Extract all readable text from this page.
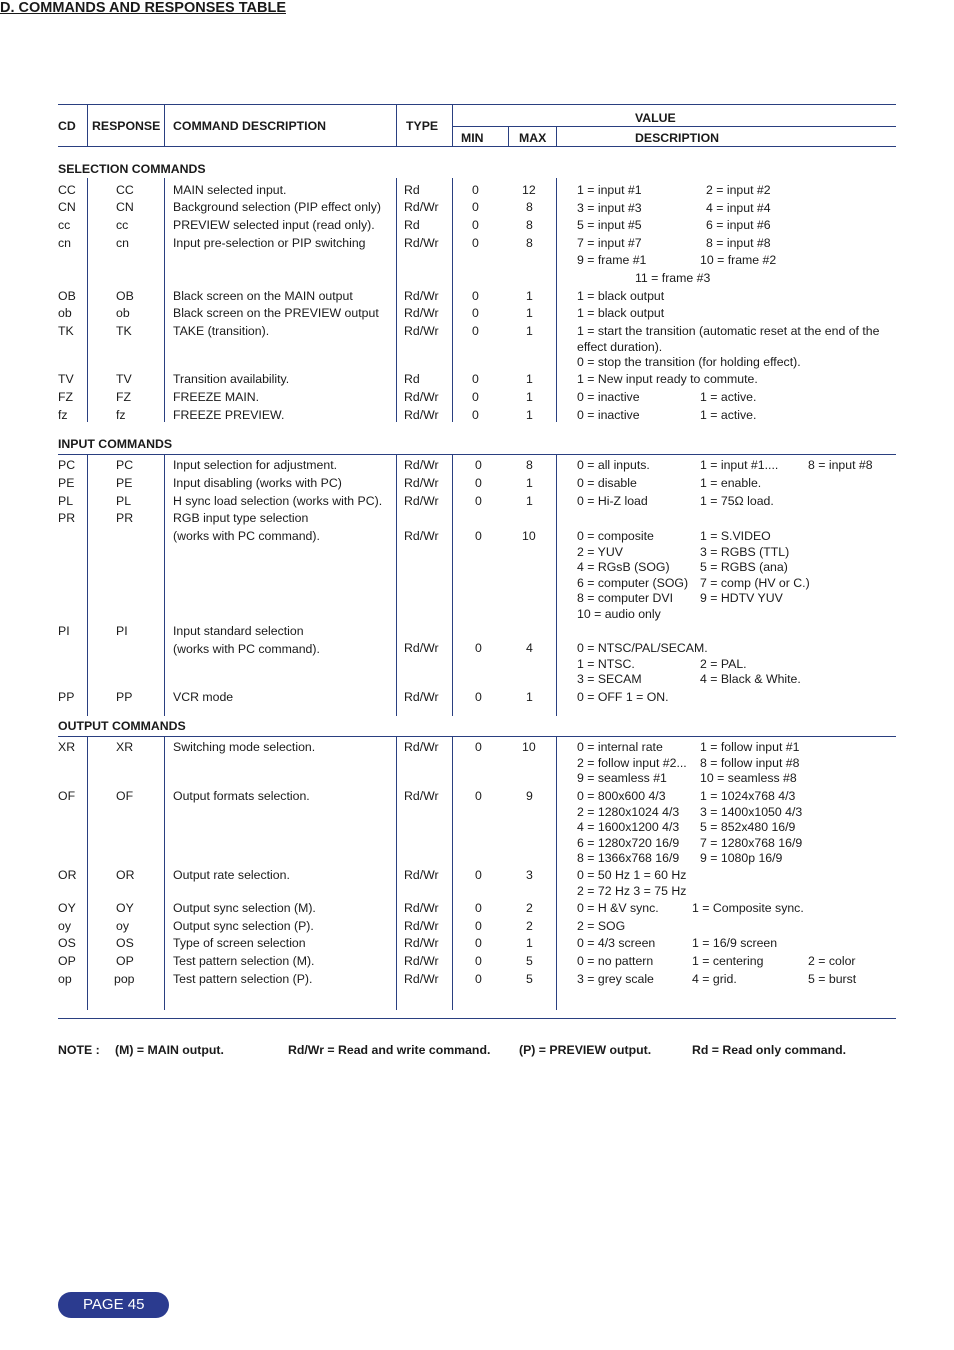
D. COMMANDS AND RESPONSES TABLE
CD RESPONSE COMMAND DESCRIPTION	TYPE
VALUE
MIN	MAX	DESCRIPTION
SELECTION COMMANDS
INPUT COMMANDS
OUTPUT COMMANDS
CC	CC	MAIN selected input.	Rd	0	12	1 = input #1	2 = input #2
3 = input #3	4 = input #4
5 = input #5	6 = input #6
7 = input #7	8 = input #8
9 = frame #1	10 = frame #2
11 = frame #3
CN	CN	Background selection (PIP effect only) Rd/Wr	0	8
cc	cc	PREVIEW selected input (read only). Rd	0	8
cn	cn	Input pre-selection or PIP switching	Rd/Wr	0	8
OB	OB	Black screen on the MAIN output	Rd/Wr	0	1	1 = black output
ob	ob	Black screen on the PREVIEW output Rd/Wr	0	1	1 = black output
TK	TK	TAKE (transition).	Rd/Wr	0	1	1 = start the transition (automatic reset at the end of the
effect duration).
0 = stop the transition (for holding effect).
TV	TV	Transition availability.	Rd	0	1	1 = New input ready to commute.
FZ	FZ	FREEZE MAIN.	Rd/Wr	0	1	0 = inactive	1 = active.
fz	fz	FREEZE PREVIEW.	Rd/Wr	0	1	0 = inactive	1 = active.
PC	PC	Input selection for adjustment.	Rd/Wr	0	8	0 = all inputs.	1 = input #1.... 8 = input #8
PE	PE	Input disabling (works with PC)	Rd/Wr	0	1	0 = disable	1 = enable.
PL	PL	H sync load selection (works with PC). Rd/Wr	0	1	0 = Hi-Z load	1 = 75Ω load.
PR	PR	RGB input type selection
(works with PC command).	Rd/Wr	0	10	0 = composite	1 = S.VIDEO
2 = YUV	3 = RGBS (TTL)
4 = RGsB (SOG) 5 = RGBS (ana)
6 = computer (SOG) 7 = comp (HV or C.)
8 = computer DVI 9 = HDTV YUV
10 = audio only
PI	PI	Input standard selection
(works with PC command).	Rd/Wr	0	4	0 = NTSC/PAL/SECAM.
1 = NTSC.	2 = PAL.
3 = SECAM	4 = Black & White.
PP	PP	VCR mode	Rd/Wr	0	1	0 = OFF 1 = ON.
XR	XR	Switching mode selection.	Rd/Wr	0	10	0 = internal rate	1 = follow input #1
2 = follow input #2... 8 = follow input #8
9 = seamless #1	10 = seamless #8
OF	OF	Output formats selection.	Rd/Wr	0	9	0 = 800x600 4/3	1 = 1024x768 4/3
2 = 1280x1024 4/3 3 = 1400x1050 4/3
4 = 1600x1200 4/3 5 = 852x480 16/9
6 = 1280x720 16/9 7 = 1280x768 16/9
8 = 1366x768 16/9 9 = 1080p 16/9
OR	OR	Output rate selection.	Rd/Wr	0	3	0 = 50 Hz 1 = 60 Hz
2 = 72 Hz 3 = 75 Hz
OY	OY	Output sync selection (M).	Rd/Wr	0	2	0 = H &V sync.	1 = Composite sync.
oy	oy	Output sync selection (P).	Rd/Wr	0	2	2 = SOG
OS	OS	Type of screen selection	Rd/Wr	0	1	0 = 4/3 screen	1 = 16/9 screen
OP	OP	Test pattern selection (M).	Rd/Wr	0	5	0 = no pattern	1 = centering	2 = color
op	pop	Test pattern selection (P).	Rd/Wr	0	5	3 = grey scale	4 = grid.	5 = burst
NOTE : (M) = MAIN output.	Rd/Wr = Read and write command. (P) = PREVIEW output.	Rd = Read only command.
PAGE 45
